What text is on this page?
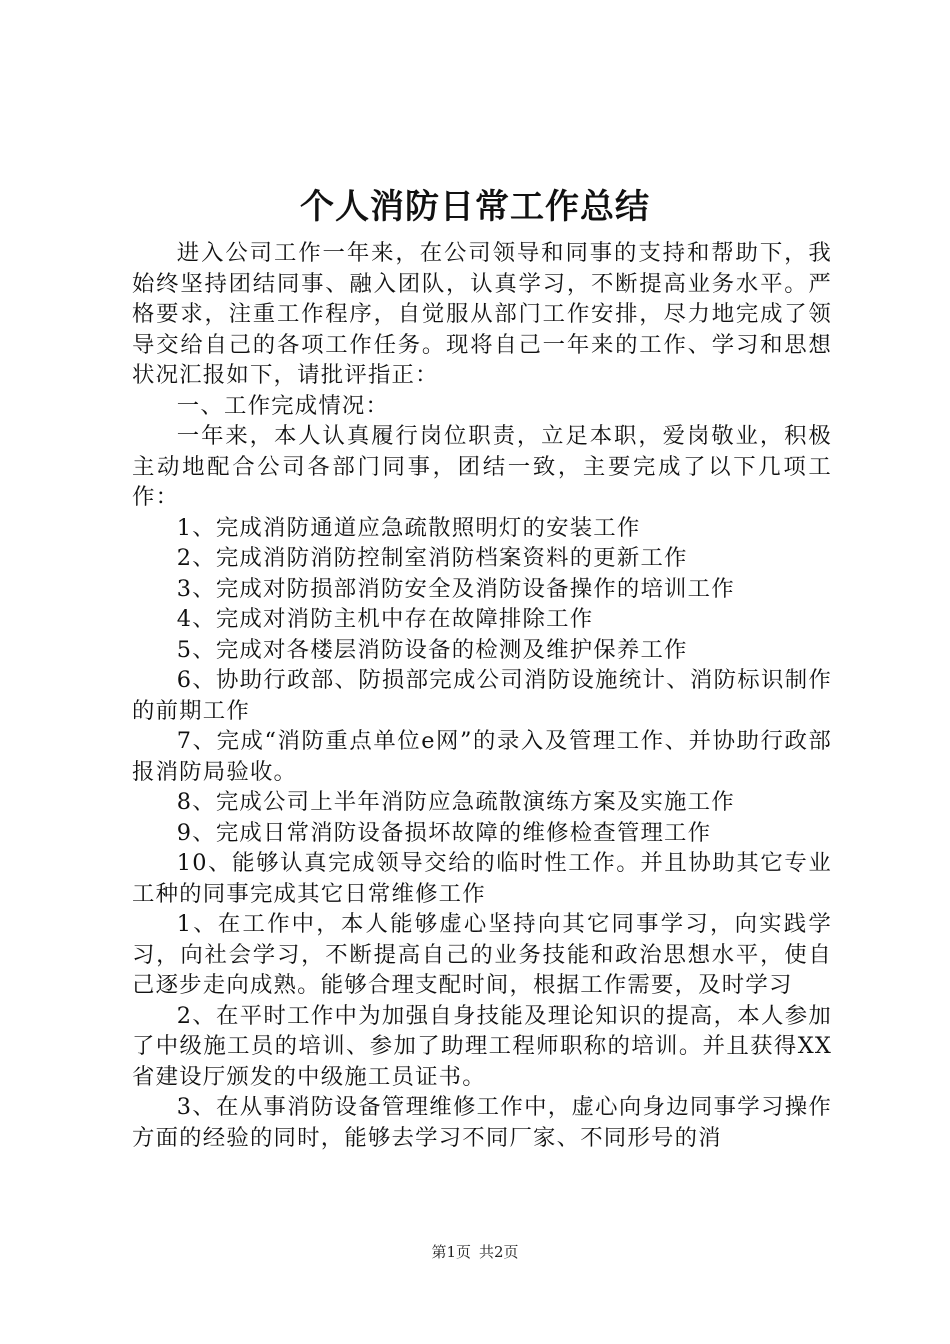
个人消防日常工作总结

进入公司工作一年来，在公司领导和同事的支持和帮助下，我始终坚持团结同事、融入团队，认真学习，不断提高业务水平。严格要求，注重工作程序，自觉服从部门工作安排，尽力地完成了领导交给自己的各项工作任务。现将自己一年来的工作、学习和思想状况汇报如下，请批评指正：

一、工作完成情况：

一年来，本人认真履行岗位职责，立足本职，爱岗敬业，积极主动地配合公司各部门同事，团结一致，主要完成了以下几项工作：

1、完成消防通道应急疏散照明灯的安装工作

2、完成消防消防控制室消防档案资料的更新工作

3、完成对防损部消防安全及消防设备操作的培训工作

4、完成对消防主机中存在故障排除工作

5、完成对各楼层消防设备的检测及维护保养工作

6、协助行政部、防损部完成公司消防设施统计、消防标识制作的前期工作

7、完成“消防重点单位e网”的录入及管理工作、并协助行政部报消防局验收。

8、完成公司上半年消防应急疏散演练方案及实施工作

9、完成日常消防设备损坏故障的维修检查管理工作

10、能够认真完成领导交给的临时性工作。并且协助其它专业工种的同事完成其它日常维修工作

1、在工作中，本人能够虚心坚持向其它同事学习，向实践学习，向社会学习，不断提高自己的业务技能和政治思想水平，使自己逐步走向成熟。能够合理支配时间，根据工作需要，及时学习

2、在平时工作中为加强自身技能及理论知识的提高，本人参加了中级施工员的培训、参加了助理工程师职称的培训。并且获得XX省建设厅颁发的中级施工员证书。

3、在从事消防设备管理维修工作中，虚心向身边同事学习操作方面的经验的同时，能够去学习不同厂家、不同形号的消

第1页 共2页
